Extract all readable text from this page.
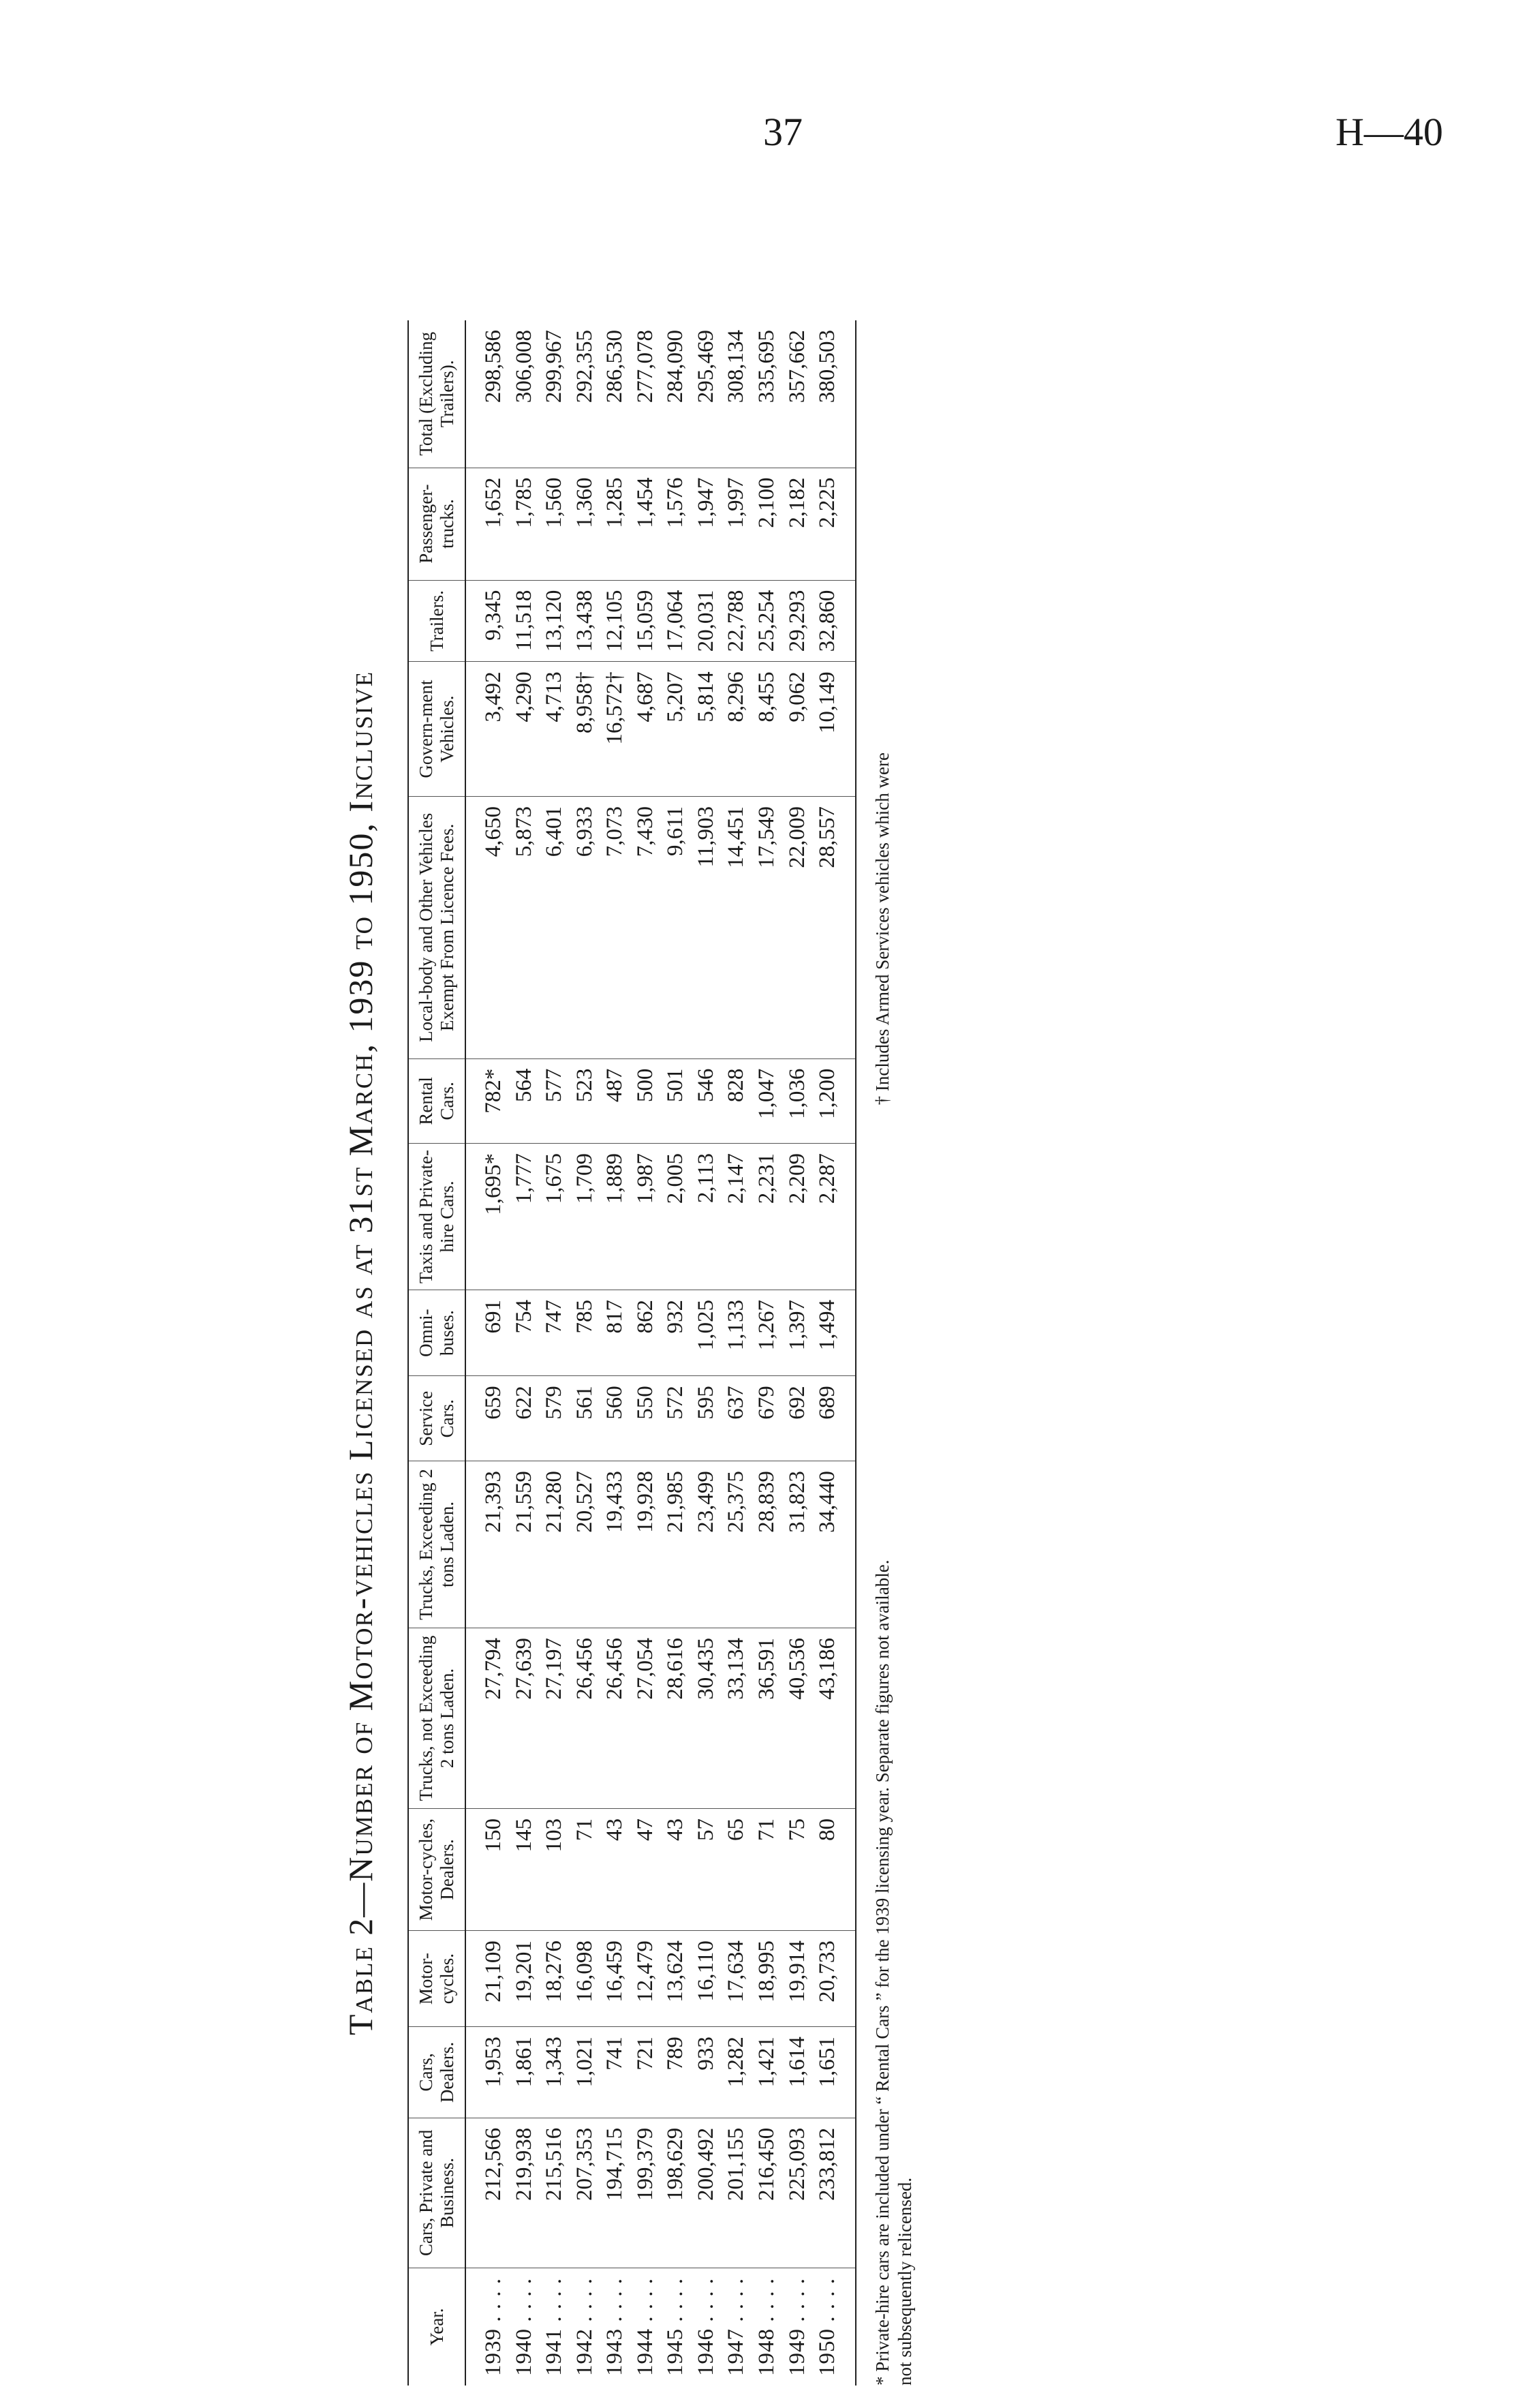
37	H—40
Table 2—Number of Motor-vehicles Licensed as at 31st March, 1939 to 1950, Inclusive
Year.	Cars, Private and Business.	Cars, Dealers.	Motor-cycles.	Motor-cycles, Dealers.	Trucks, not Exceeding 2 tons Laden.	Trucks, Exceeding 2 tons Laden.	Service Cars.	Omni-buses.	Taxis and Private-hire Cars.	Rental Cars.	Local-body and Other Vehicles Exempt From Licence Fees.	Govern-ment Vehicles.	Trailers.	Passenger-trucks.	Total (Excluding Trailers).
1939 . . . .	212,566	1,953	21,109	150	27,794	21,393	659	691	1,695*	782*	4,650	3,492	9,345	1,652	298,586
1940 . . . .	219,938	1,861	19,201	145	27,639	21,559	622	754	1,777	564	5,873	4,290	11,518	1,785	306,008
1941 . . . .	215,516	1,343	18,276	103	27,197	21,280	579	747	1,675	577	6,401	4,713	13,120	1,560	299,967
1942 . . . .	207,353	1,021	16,098	71	26,456	20,527	561	785	1,709	523	6,933	8,958†	13,438	1,360	292,355
1943 . . . .	194,715	741	16,459	43	26,456	19,433	560	817	1,889	487	7,073	16,572†	12,105	1,285	286,530
1944 . . . .	199,379	721	12,479	47	27,054	19,928	550	862	1,987	500	7,430	4,687	15,059	1,454	277,078
1945 . . . .	198,629	789	13,624	43	28,616	21,985	572	932	2,005	501	9,611	5,207	17,064	1,576	284,090
1946 . . . .	200,492	933	16,110	57	30,435	23,499	595	1,025	2,113	546	11,903	5,814	20,031	1,947	295,469
1947 . . . .	201,155	1,282	17,634	65	33,134	25,375	637	1,133	2,147	828	14,451	8,296	22,788	1,997	308,134
1948 . . . .	216,450	1,421	18,995	71	36,591	28,839	679	1,267	2,231	1,047	17,549	8,455	25,254	2,100	335,695
1949 . . . .	225,093	1,614	19,914	75	40,536	31,823	692	1,397	2,209	1,036	22,009	9,062	29,293	2,182	357,662
1950 . . . .	233,812	1,651	20,733	80	43,186	34,440	689	1,494	2,287	1,200	28,557	10,149	32,860	2,225	380,503
* Private-hire cars are included under “ Rental Cars ” for the 1939 licensing year. Separate figures not available.
† Includes Armed Services vehicles which were
not subsequently relicensed.
